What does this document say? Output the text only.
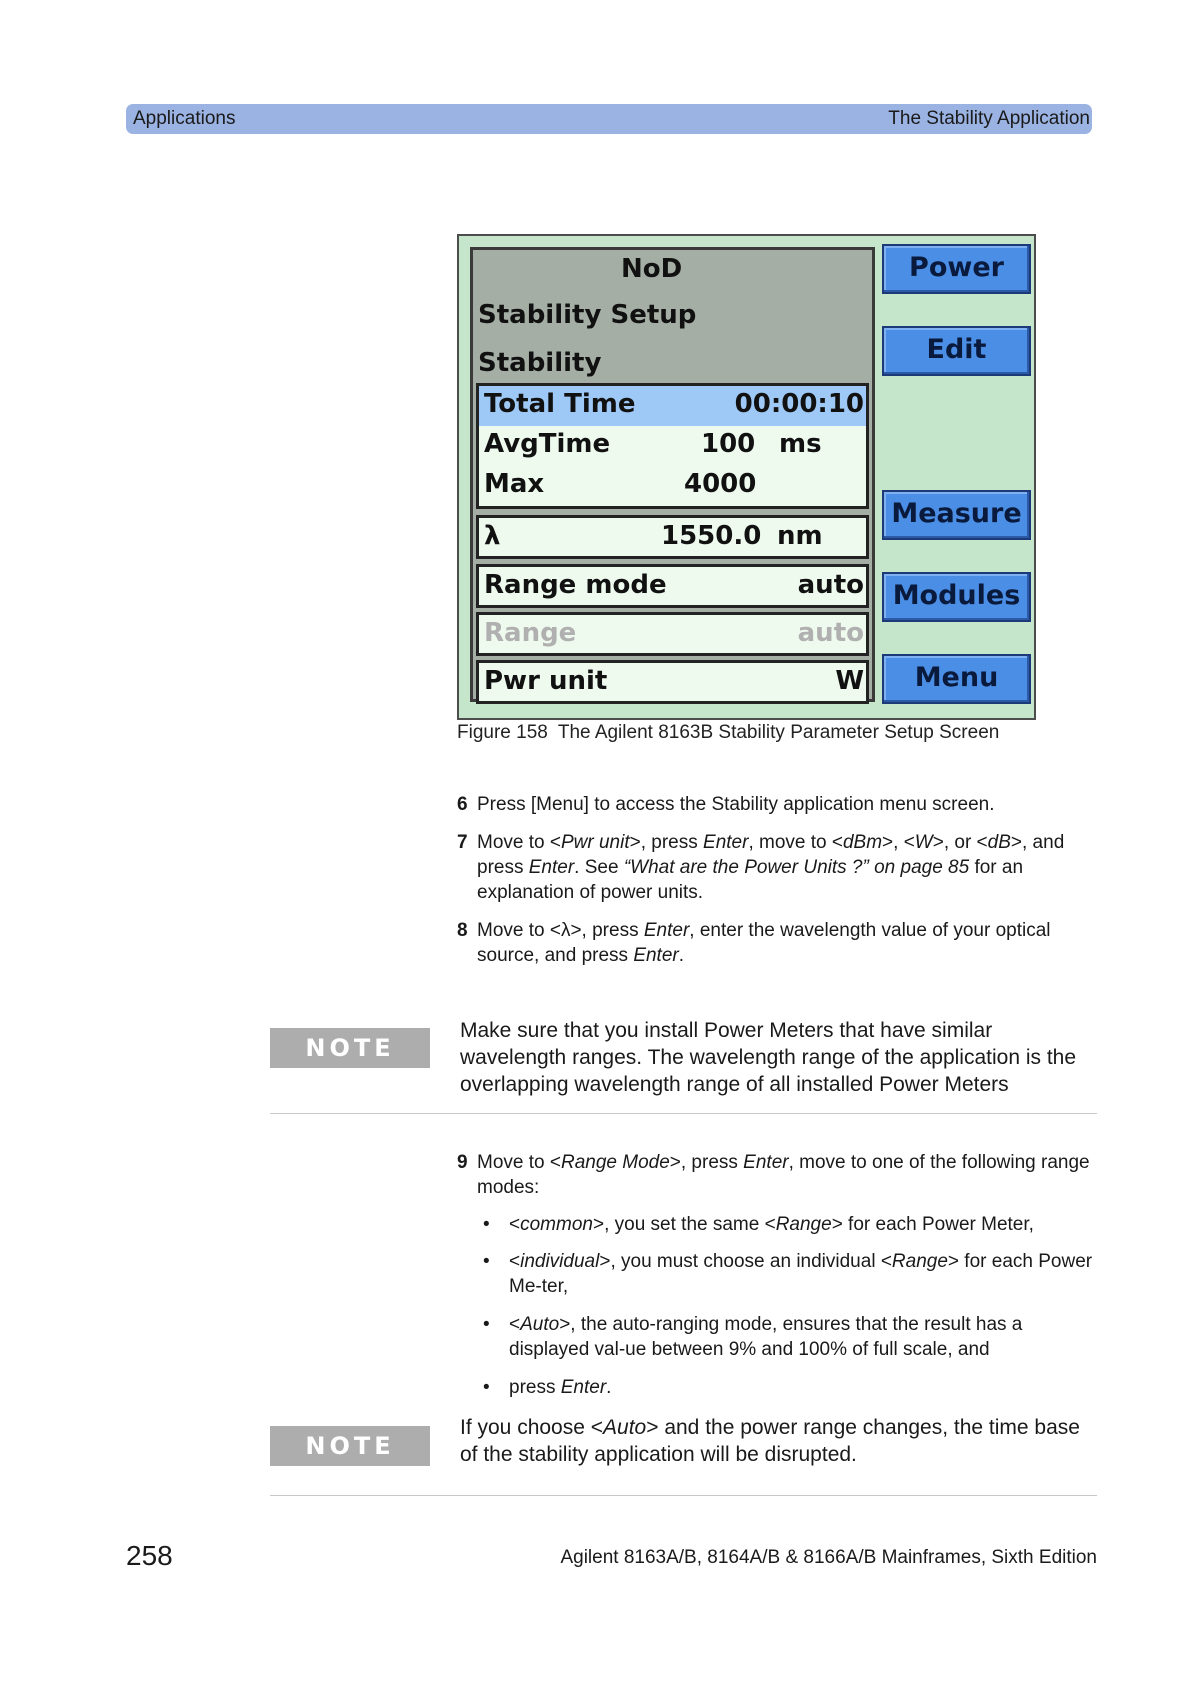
Applications	The Stability Application
NoD
Stability Setup
Stability
Total Time	00:00:10
AvgTime	100 ms
Max	4000
λ	1550.0 nm
Range mode	auto
Range	auto
Pwr unit	W
Power
Edit
Measure
Modules
Menu
Figure 158 The Agilent 8163B Stability Parameter Setup Screen
6 Press [Menu] to access the Stability application menu screen.
7 Move to <Pwr unit>, press Enter, move to <dBm>, <W>, or <dB>, and press Enter. See “What are the Power Units ?” on page 85 for an explanation of power units.
8 Move to <λ>, press Enter, enter the wavelength value of your optical source, and press Enter.
NOTE
Make sure that you install Power Meters that have similar wavelength ranges. The wavelength range of the application is the overlapping wavelength range of all installed Power Meters
9 Move to <Range Mode>, press Enter, move to one of the following range modes:
•	<common>, you set the same <Range> for each Power Meter,
•	<individual>, you must choose an individual <Range> for each Power Me-ter,
•	<Auto>, the auto-ranging mode, ensures that the result has a displayed val-ue between 9% and 100% of full scale, and
•	press Enter.
NOTE
If you choose <Auto> and the power range changes, the time base of the stability application will be disrupted.
258	Agilent 8163A/B, 8164A/B & 8166A/B Mainframes, Sixth Edition
